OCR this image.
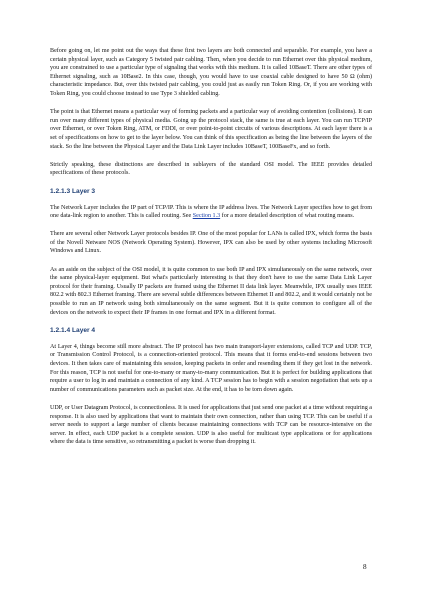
Before going on, let me point out the ways that these first two layers are both connected and separable. For example, you have a certain physical layer, such as Category 5 twisted pair cabling. Then, when you decide to run Ethernet over this physical medium, you are constrained to use a particular type of signaling that works with this medium. It is called 10BaseT. There are other types of Ethernet signaling, such as 10Base2. In this case, though, you would have to use coaxial cable designed to have 50 Ω (ohm) characteristic impedance. But, over this twisted pair cabling, you could just as easily run Token Ring. Or, if you are working with Token Ring, you could choose instead to use Type 3 shielded cabling.

The point is that Ethernet means a particular way of forming packets and a particular way of avoiding contention (collisions). It can run over many different types of physical media. Going up the protocol stack, the same is true at each layer. You can run TCP/IP over Ethernet, or over Token Ring, ATM, or FDDI, or over point-to-point circuits of various descriptions. At each layer there is a set of specifications on how to get to the layer below. You can think of this specification as being the line between the layers of the stack. So the line between the Physical Layer and the Data Link Layer includes 10BaseT, 100BaseFx, and so forth.

Strictly speaking, these distinctions are described in sublayers of the standard OSI model. The IEEE provides detailed specifications of these protocols.

1.2.1.3 Layer 3

The Network Layer includes the IP part of TCP/IP. This is where the IP address lives. The Network Layer specifies how to get from one data-link region to another. This is called routing. See Section 1.3 for a more detailed description of what routing means.

There are several other Network Layer protocols besides IP. One of the most popular for LANs is called IPX, which forms the basis of the Novell Netware NOS (Network Operating System). However, IPX can also be used by other systems including Microsoft Windows and Linux.

As an aside on the subject of the OSI model, it is quite common to use both IP and IPX simultaneously on the same network, over the same physical-layer equipment. But what's particularly interesting is that they don't have to use the same Data Link Layer protocol for their framing. Usually IP packets are framed using the Ethernet II data link layer. Meanwhile, IPX usually uses IEEE 802.2 with 802.3 Ethernet framing. There are several subtle differences between Ethernet II and 802.2, and it would certainly not be possible to run an IP network using both simultaneously on the same segment. But it is quite common to configure all of the devices on the network to expect their IP frames in one format and IPX in a different format.

1.2.1.4 Layer 4

At Layer 4, things become still more abstract. The IP protocol has two main transport-layer extensions, called TCP and UDP. TCP, or Transmission Control Protocol, is a connection-oriented protocol. This means that it forms end-to-end sessions between two devices. It then takes care of maintaining this session, keeping packets in order and resending them if they get lost in the network. For this reason, TCP is not useful for one-to-many or many-to-many communication. But it is perfect for building applications that require a user to log in and maintain a connection of any kind. A TCP session has to begin with a session negotiation that sets up a number of communications parameters such as packet size. At the end, it has to be torn down again.

UDP, or User Datagram Protocol, is connectionless. It is used for applications that just send one packet at a time without requiring a response. It is also used by applications that want to maintain their own connection, rather than using TCP. This can be useful if a server needs to support a large number of clients because maintaining connections with TCP can be resource-intensive on the server. In effect, each UDP packet is a complete session. UDP is also useful for multicast type applications or for applications where the data is time sensitive, so retransmitting a packet is worse than dropping it.

8
